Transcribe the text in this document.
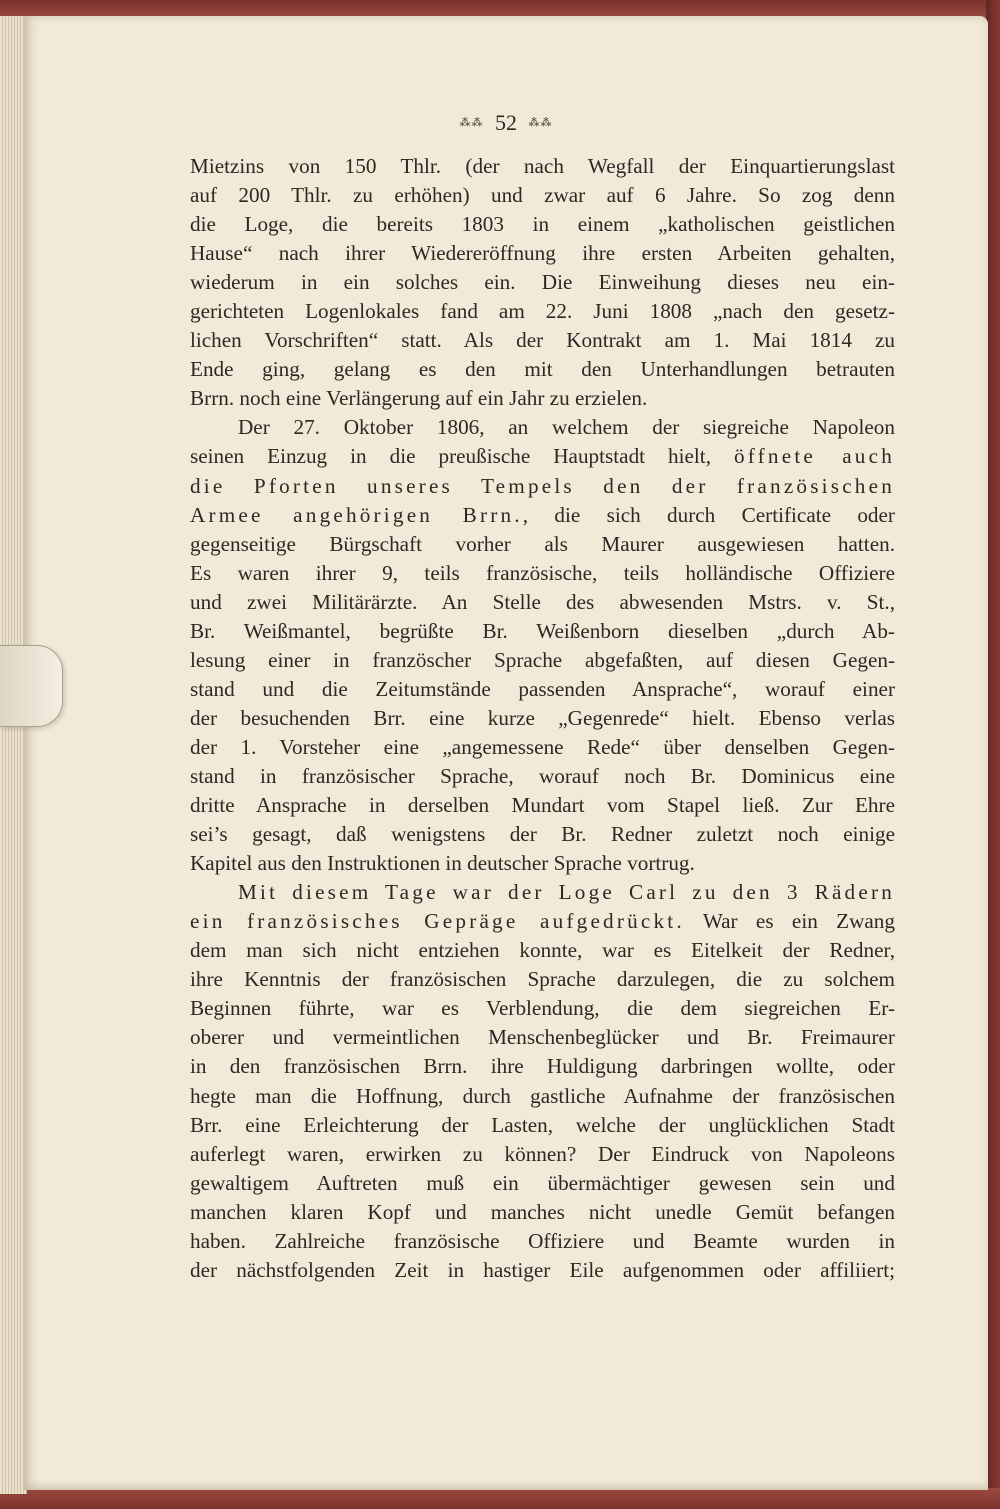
⁂⁂ 52 ⁂⁂
Mietzins von 150 Thlr. (der nach Wegfall der Einquartierungslast
auf 200 Thlr. zu erhöhen) und zwar auf 6 Jahre. So zog denn
die Loge, die bereits 1803 in einem „katholischen geistlichen
Hause“ nach ihrer Wiedereröffnung ihre ersten Arbeiten gehalten,
wiederum in ein solches ein. Die Einweihung dieses neu ein-
gerichteten Logenlokales fand am 22. Juni 1808 „nach den gesetz-
lichen Vorschriften“ statt. Als der Kontrakt am 1. Mai 1814 zu
Ende ging, gelang es den mit den Unterhandlungen betrauten
Brrn. noch eine Verlängerung auf ein Jahr zu erzielen.
Der 27. Oktober 1806, an welchem der siegreiche Napoleon
seinen Einzug in die preußische Hauptstadt hielt, öffnete auch
die Pforten unseres Tempels den der französischen
Armee angehörigen Brrn., die sich durch Certificate oder
gegenseitige Bürgschaft vorher als Maurer ausgewiesen hatten.
Es waren ihrer 9, teils französische, teils holländische Offiziere
und zwei Militärärzte. An Stelle des abwesenden Mstrs. v. St.,
Br. Weißmantel, begrüßte Br. Weißenborn dieselben „durch Ab-
lesung einer in französcher Sprache abgefaßten, auf diesen Gegen-
stand und die Zeitumstände passenden Ansprache“, worauf einer
der besuchenden Brr. eine kurze „Gegenrede“ hielt. Ebenso verlas
der 1. Vorsteher eine „angemessene Rede“ über denselben Gegen-
stand in französischer Sprache, worauf noch Br. Dominicus eine
dritte Ansprache in derselben Mundart vom Stapel ließ. Zur Ehre
sei’s gesagt, daß wenigstens der Br. Redner zuletzt noch einige
Kapitel aus den Instruktionen in deutscher Sprache vortrug.
Mit diesem Tage war der Loge Carl zu den 3 Rädern
ein französisches Gepräge aufgedrückt. War es ein Zwang
dem man sich nicht entziehen konnte, war es Eitelkeit der Redner,
ihre Kenntnis der französischen Sprache darzulegen, die zu solchem
Beginnen führte, war es Verblendung, die dem siegreichen Er-
oberer und vermeintlichen Menschenbeglücker und Br. Freimaurer
in den französischen Brrn. ihre Huldigung darbringen wollte, oder
hegte man die Hoffnung, durch gastliche Aufnahme der französischen
Brr. eine Erleichterung der Lasten, welche der unglücklichen Stadt
auferlegt waren, erwirken zu können? Der Eindruck von Napoleons
gewaltigem Auftreten muß ein übermächtiger gewesen sein und
manchen klaren Kopf und manches nicht unedle Gemüt befangen
haben. Zahlreiche französische Offiziere und Beamte wurden in
der nächstfolgenden Zeit in hastiger Eile aufgenommen oder affiliiert;
